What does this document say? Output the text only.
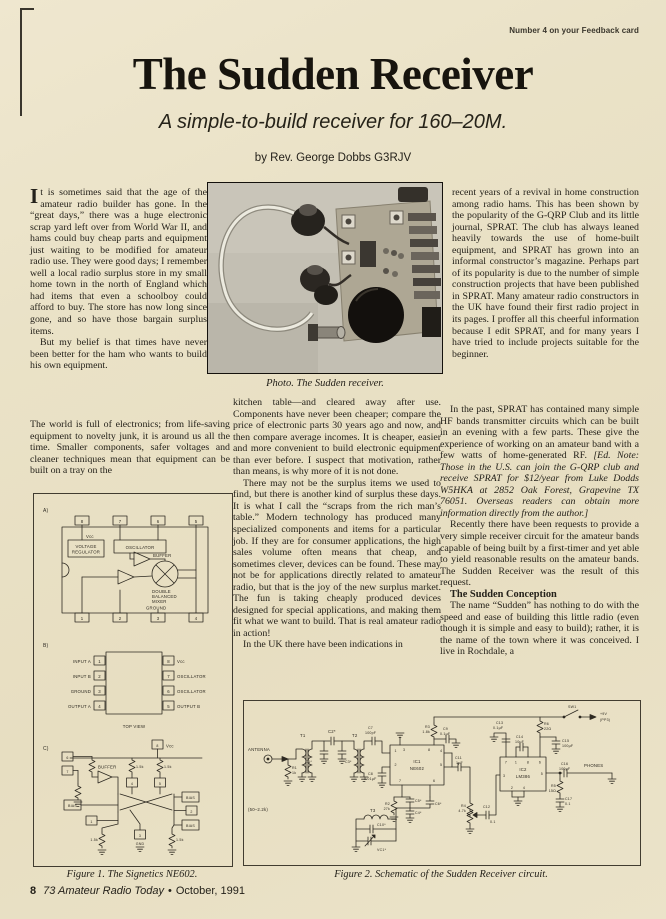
Number 4 on your Feedback card
The Sudden Receiver
A simple-to-build receiver for 160–20M.
by Rev. George Dobbs G3RJV

It is sometimes said that the age of the amateur radio builder has gone. In the “great days,” there was a huge electronic scrap yard left over from World War II, and hams could buy cheap parts and equipment just waiting to be modified for amateur radio use. They were good days; I remember well a local radio surplus store in my small home town in the north of England which had items that even a schoolboy could afford to buy. The store has now long since gone, and so have those bargain surplus items.

But my belief is that times have never been better for the ham who wants to build his own equipment.

The world is full of electronics; from life-saving equipment to novelty junk, it is around us all the time. Smaller components, safer voltages and cleaner techniques mean that equipment can be built on a tray on the

Photo. The Sudden receiver.

kitchen table—and cleared away after use. Components have never been cheaper; compare the price of electronic parts 30 years ago and now, and then compare average incomes. It is cheaper, easier and more convenient to build electronic equipment than ever before. I suspect that motivation, rather than means, is why more of it is not done.

There may not be the surplus items we used to find, but there is another kind of surplus these days. It is what I call the “scraps from the rich man’s table.” Modern technology has produced many specialized components and items for a particular job. If they are for consumer applications, the high sales volume often means that cheap, and sometimes clever, devices can be found. These may not be for applications directly related to amateur radio, but that is the joy of the new surplus market. The fun is taking cheaply produced devices designed for special applications, and making them fit what we want to build. That is real amateur radio in action!

In the UK there have been indications in

recent years of a revival in home construction among radio hams. This has been shown by the popularity of the G-QRP Club and its little journal, SPRAT. The club has always leaned heavily towards the use of home-built equipment, and SPRAT has grown into an informal constructor’s magazine. Perhaps part of its popularity is due to the number of simple construction projects that have been published in SPRAT. Many amateur radio constructors in the UK have found their first radio project in its pages. I proffer all this cheerful information because I edit SPRAT, and for many years I have tried to include projects suitable for the beginner.

In the past, SPRAT has contained many simple HF bands transmitter circuits which can be built in an evening with a few parts. These give the experience of working on an amateur band with a few watts of home-generated RF. [Ed. Note: Those in the U.S. can join the G-QRP club and receive SPRAT for $12/year from Luke Dodds W5HKA at 2852 Oak Forest, Grapevine TX 76051. Overseas readers can obtain more information directly from the author.]

Recently there have been requests to provide a very simple receiver circuit for the amateur bands capable of being built by a first-timer and yet able to yield reasonable results on the amateur bands. The Sudden Receiver was the result of this request.

The Sudden Conception

The name “Sudden” has nothing to do with the speed and ease of building this little radio (even though it is simple and easy to build); rather, it is the name of the town where it was conceived. I live in Rochdale, a

A)
8	7	6	5
1	2	3	4
Vcc
VOLTAGE
REGULATOR
OSCILLATOR
BUFFER
DOUBLE
BALANCED
MIXER
GROUND
B)
1
2
3
4
8
7
6
5
INPUT A
INPUT B
GROUND
OUTPUT A
Vcc
OSCILLATOR
OSCILLATOR
OUTPUT B
TOP VIEW
C)
8 Vcc
6
7
BUFFER	1.5k	1.5k
4	5
BIAS
BIAS
BIAS
2
1
3
GND
1.5k	1.5k
Figure 1. The Signetics NE602.
ANTENNA
(50–2.2k)
R1
1k
T1
C2*
C1*	C3*
T2
C7
100pF
1
2
3	8
7	6
IC1
NE602
C8
0.01µF
R3
1.8k
C9
0.1µF
R2
27k
C5*
C4*
C6*
T3
C10*
VC1*
4
5
C11
1µF
R4
4.7k
C12
0.1
7 1	8	6
3
2	4
5
IC2
LM386
C13
0.1µF
C14
10µF
R6
22Ω
C15
100µF
SW1
+9V
(PP3)
C16
100µF
PHONES
R5
15Ω
C17
0.1
Figure 2. Schematic of the Sudden Receiver circuit.
8 73 Amateur Radio Today • October, 1991
